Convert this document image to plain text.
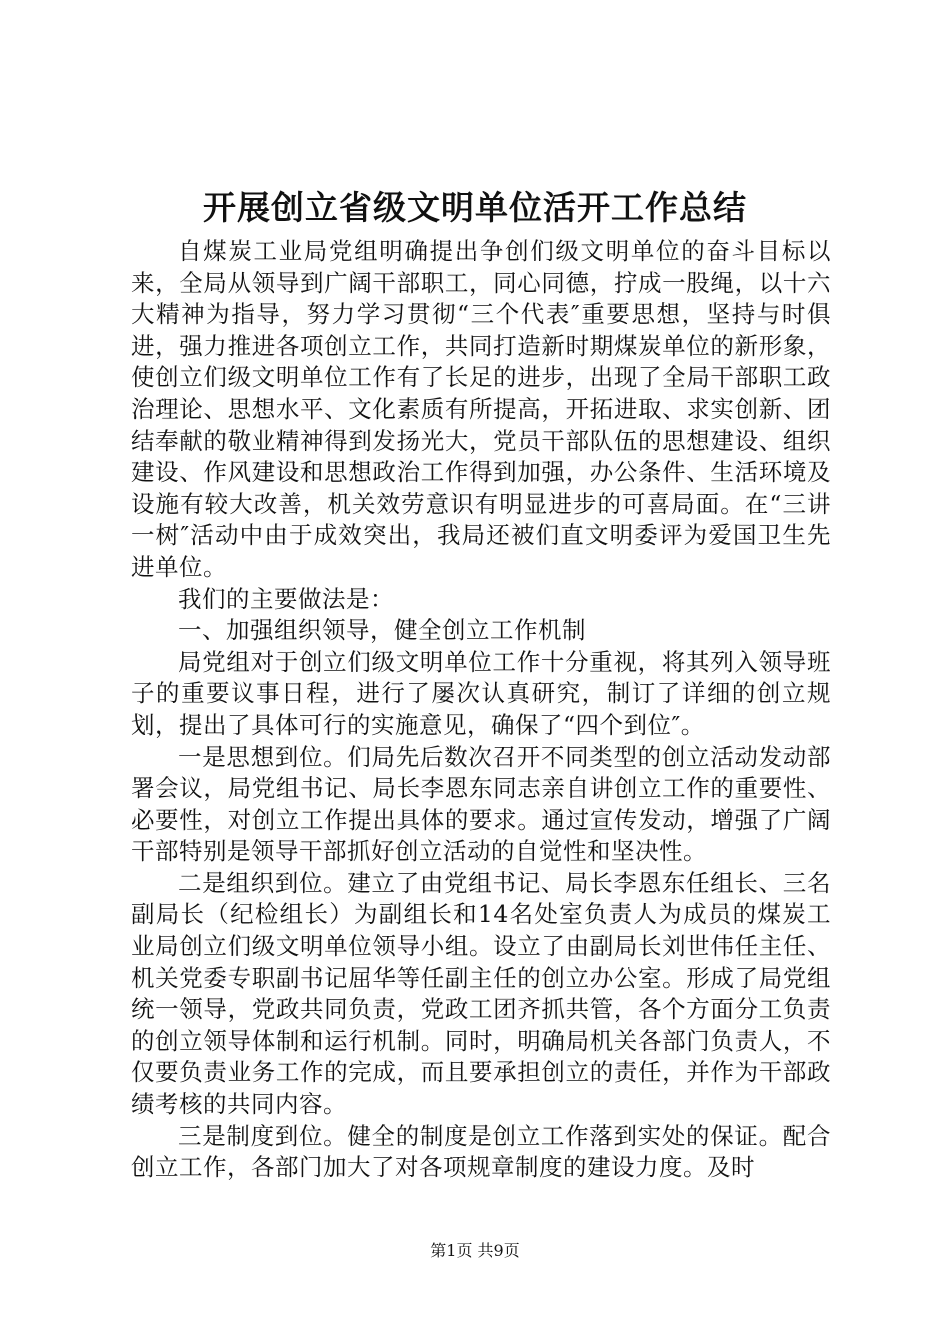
开展创立省级文明单位活开工作总结

自煤炭工业局党组明确提出争创们级文明单位的奋斗目标以来，全局从领导到广阔干部职工，同心同德，拧成一股绳，以十六大精神为指导，努力学习贯彻“三个代表″重要思想，坚持与时俱进，强力推进各项创立工作，共同打造新时期煤炭单位的新形象，使创立们级文明单位工作有了长足的进步，出现了全局干部职工政治理论、思想水平、文化素质有所提高，开拓进取、求实创新、团结奉献的敬业精神得到发扬光大，党员干部队伍的思想建设、组织建设、作风建设和思想政治工作得到加强，办公条件、生活环境及设施有较大改善，机关效劳意识有明显进步的可喜局面。在“三讲一树″活动中由于成效突出，我局还被们直文明委评为爱国卫生先进单位。

我们的主要做法是：

一、加强组织领导，健全创立工作机制

局党组对于创立们级文明单位工作十分重视，将其列入领导班子的重要议事日程，进行了屡次认真研究，制订了详细的创立规划，提出了具体可行的实施意见，确保了“四个到位″。

一是思想到位。们局先后数次召开不同类型的创立活动发动部署会议，局党组书记、局长李恩东同志亲自讲创立工作的重要性、必要性，对创立工作提出具体的要求。通过宣传发动，增强了广阔干部特别是领导干部抓好创立活动的自觉性和坚决性。

二是组织到位。建立了由党组书记、局长李恩东任组长、三名副局长（纪检组长）为副组长和14名处室负责人为成员的煤炭工业局创立们级文明单位领导小组。设立了由副局长刘世伟任主任、机关党委专职副书记屈华等任副主任的创立办公室。形成了局党组统一领导，党政共同负责，党政工团齐抓共管，各个方面分工负责的创立领导体制和运行机制。同时，明确局机关各部门负责人，不仅要负责业务工作的完成，而且要承担创立的责任，并作为干部政绩考核的共同内容。

三是制度到位。健全的制度是创立工作落到实处的保证。配合创立工作，各部门加大了对各项规章制度的建设力度。及时

第1页 共9页
